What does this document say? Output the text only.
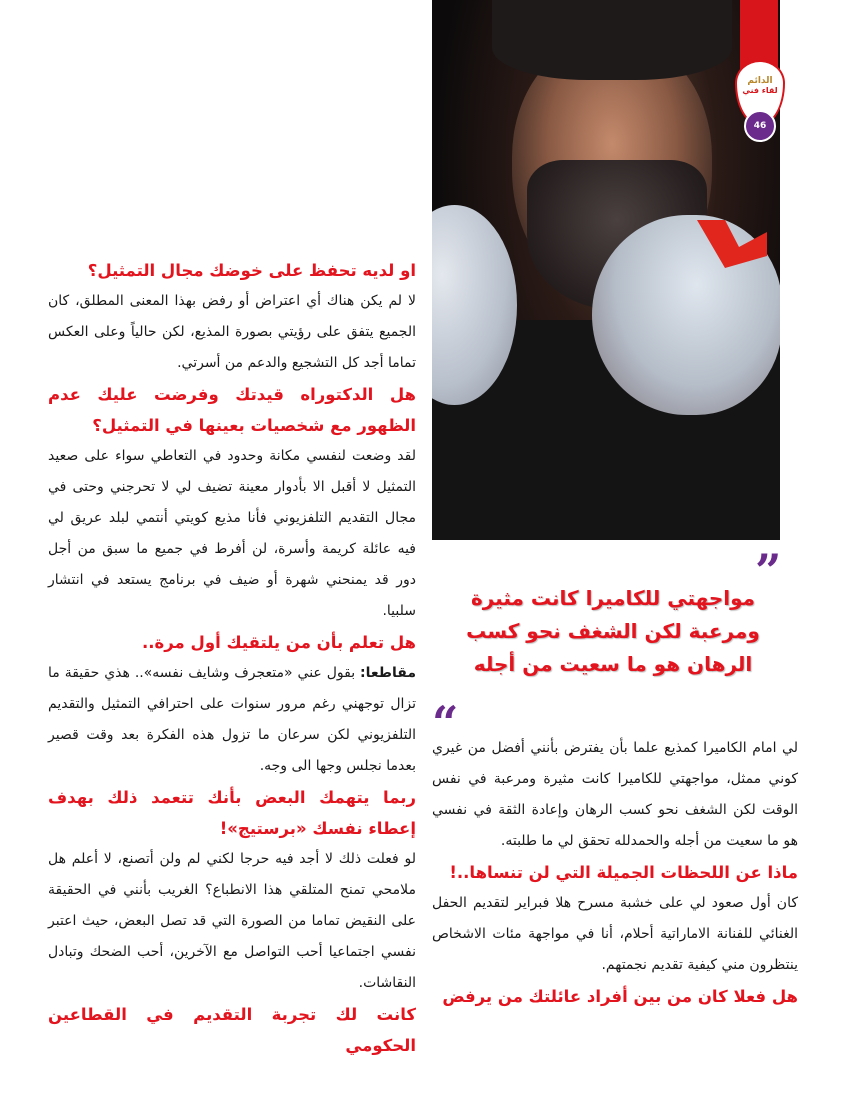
الدائم
لقاء فني
46

او لديه تحفظ على خوضك مجال التمثيل؟

لا لم يكن هناك أي اعتراض أو رفض بهذا المعنى المطلق، كان الجميع يتفق على رؤيتي بصورة المذيع، لكن حالياً وعلى العكس تماما أجد كل التشجيع والدعم من أسرتي.

هل الدكتوراه قيدتك وفرضت عليك عدم الظهور مع شخصيات بعينها في التمثيل؟

لقد وضعت لنفسي مكانة وحدود في التعاطي سواء على صعيد التمثيل لا أقبل الا بأدوار معينة تضيف لي لا تحرجني وحتى في مجال التقديم التلفزيوني فأنا مذيع كويتي أنتمي لبلد عريق لي فيه عائلة كريمة وأسرة، لن أفرط في جميع ما سبق من أجل دور قد يمنحني شهرة أو ضيف في برنامج يستعد في انتشار سلبيا.

هل تعلم بأن من يلتقيك أول مرة..

مقاطعا: بقول عني «متعجرف وشايف نفسه».. هذي حقيقة ما تزال توجهني رغم مرور سنوات على احترافي التمثيل والتقديم التلفزيوني لكن سرعان ما تزول هذه الفكرة بعد وقت قصير بعدما نجلس وجها الى وجه.

ربما يتهمك البعض بأنك تتعمد ذلك بهدف إعطاء نفسك «برستيج»!

لو فعلت ذلك لا أجد فيه حرجا لكني لم ولن أتصنع، لا أعلم هل ملامحي تمنح المتلقي هذا الانطباع؟ الغريب بأنني في الحقيقة على النقيض تماما من الصورة التي قد تصل البعض، حيث اعتبر نفسي اجتماعيا أحب التواصل مع الآخرين، أحب الضحك وتبادل النقاشات.

كانت لك تجربة التقديم في القطاعين الحكومي

”
مواجهتي للكاميرا كانت مثيرة
ومرعبة لكن الشغف نحو كسب
الرهان هو ما سعيت من أجله
“

لي امام الكاميرا كمذيع علما بأن يفترض بأنني أفضل من غيري كوني ممثل، مواجهتي للكاميرا كانت مثيرة ومرعبة في نفس الوقت لكن الشغف نحو كسب الرهان وإعادة الثقة في نفسي هو ما سعيت من أجله والحمدلله تحقق لي ما طلبته.

ماذا عن اللحظات الجميلة التي لن تنساها..!

كان أول صعود لي على خشبة مسرح هلا فبراير لتقديم الحفل الغنائي للفنانة الاماراتية أحلام، أنا في مواجهة مئات الاشخاص ينتظرون مني كيفية تقديم نجمتهم.

هل فعلا كان من بين أفراد عائلتك من يرفض
